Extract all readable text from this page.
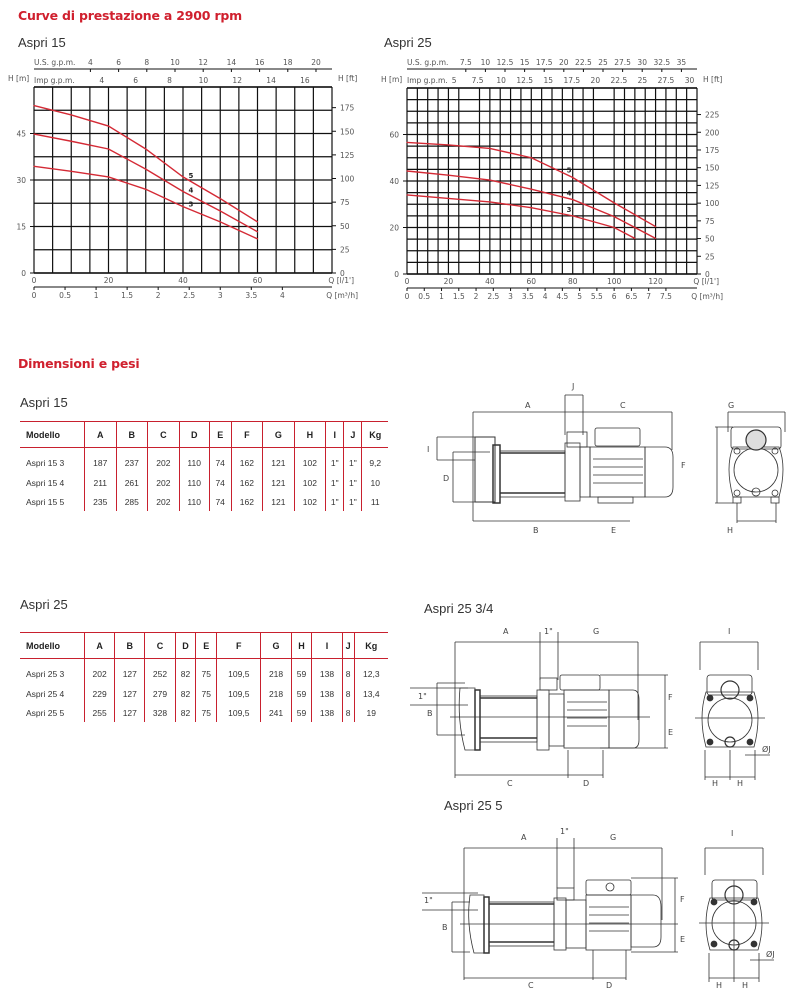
Curve di prestazione a 2900 rpm
Aspri 15
0
15
30
45
0
25
50
75
100
125
150
175
H [m]	H [ft]
0	20	40	60	Q [l/1']
0	0.5	1	1.5	2	2.5	3	3.5	4	Q [m³/h]
U.S. g.p.m. 4	6	8	10 12 14 16 18 20
Imp g.p.m.	4	6	8	10	12	14	16
5
4
3
Aspri 25
0
20
40
60
0
25
50
75
100
125
150
175
200
225
H [m]	H [ft]
0	20	40	60	80	100	120	Q [l/1']
0 0.5 1 1.5 2 2.5 3 3.5 4 4.5 5 5.5 6 6.5 7 7.5	Q [m³/h]
U.S. g.p.m. 7.5 10 12.5 15 17.5 20 22.5 25 27.5 30 32.5 35
Imp g.p.m. 5 7.5 10 12.5 15 17.5 20 22.5 25 27.5 30
5
4
3
Dimensioni e pesi
Aspri 15
Modello	A	B	C	D	E	F	G	H	I	J	Kg
Aspri 15 3	187	237	202	110	74	162	121	102	1"	1"	9,2
Aspri 15 4	211	261	202	110	74	162	121	102	1"	1"	10
Aspri 15 5	235	285	202	110	74	162	121	102	1"	1"	11
Aspri 25
Modello	A	B	C	D	E	F	G	H	I	J	Kg
Aspri 25 3	202	127	252	82	75	109,5	218	59	138	8	12,3
Aspri 25 4	229	127	279	82	75	109,5	218	59	138	8	13,4
Aspri 25 5	255	127	328	82	75	109,5	241	59	138	8	19
A	C
J
I
D
B	E
G
F
H
Aspri 25 3/4
A	1"	G
1"
B
C	D
F
E
I
H H
ØJ
Aspri 25 5
A
1"
G
1"
B
C	D
F
E
I
H H
ØJ
